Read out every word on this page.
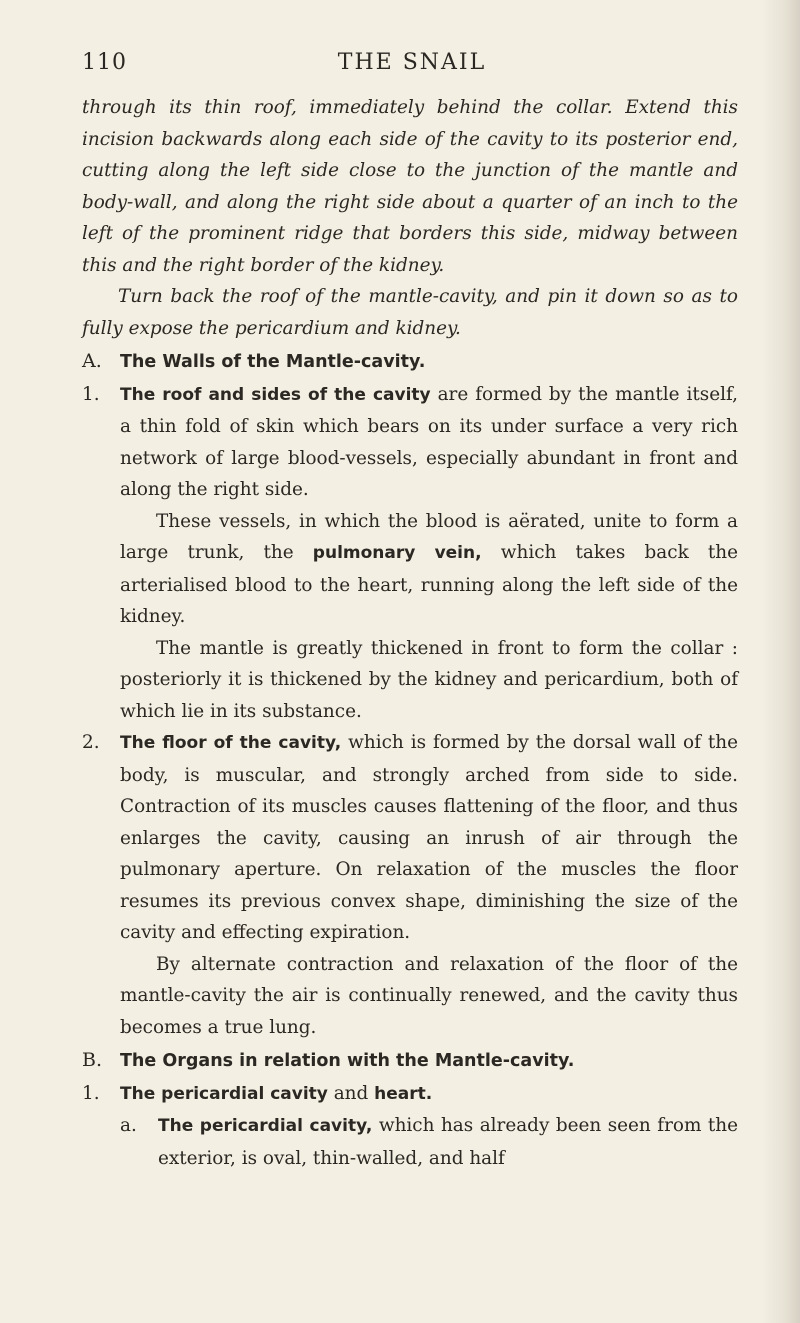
110	THE SNAIL

through its thin roof, immediately behind the collar. Extend this incision backwards along each side of the cavity to its posterior end, cutting along the left side close to the junction of the mantle and body-wall, and along the right side about a quarter of an inch to the left of the prominent ridge that borders this side, midway between this and the right border of the kidney.

Turn back the roof of the mantle-cavity, and pin it down so as to fully expose the pericardium and kidney.

A. The Walls of the Mantle-cavity.

1. The roof and sides of the cavity are formed by the mantle itself, a thin fold of skin which bears on its under surface a very rich network of large blood-vessels, especially abundant in front and along the right side.

These vessels, in which the blood is aërated, unite to form a large trunk, the pulmonary vein, which takes back the arterialised blood to the heart, running along the left side of the kidney.

The mantle is greatly thickened in front to form the collar : posteriorly it is thickened by the kidney and pericardium, both of which lie in its substance.

2. The floor of the cavity, which is formed by the dorsal wall of the body, is muscular, and strongly arched from side to side. Contraction of its muscles causes flattening of the floor, and thus enlarges the cavity, causing an inrush of air through the pulmonary aperture. On relaxation of the muscles the floor resumes its previous convex shape, diminishing the size of the cavity and effecting expiration.

By alternate contraction and relaxation of the floor of the mantle-cavity the air is continually renewed, and the cavity thus becomes a true lung.

B. The Organs in relation with the Mantle-cavity.

1. The pericardial cavity and heart.
a. The pericardial cavity, which has already been seen from the exterior, is oval, thin-walled, and half
